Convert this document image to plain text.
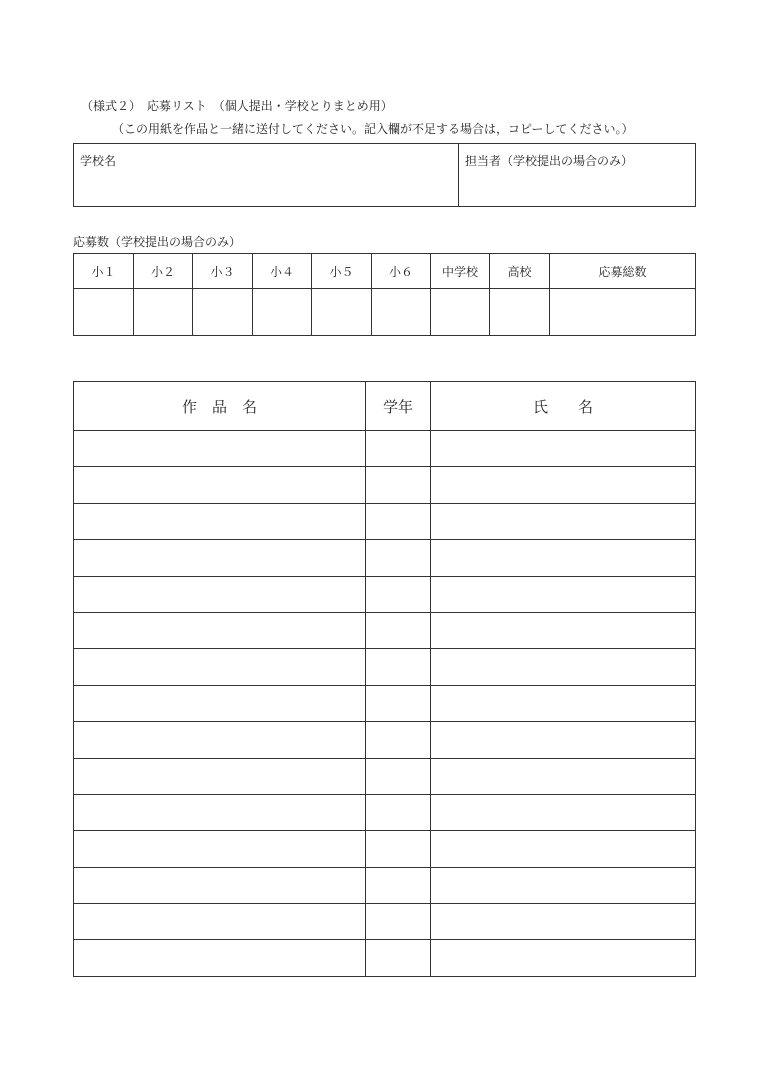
（様式２）　応募リスト　（個人提出・学校とりまとめ用）
（この用紙を作品と一緒に送付してください。記入欄が不足する場合は，コピーしてください。）
学校名	担当者（学校提出の場合のみ）
応募数（学校提出の場合のみ）
小１	小２	小３	小４	小５	小６	中学校	高校	応募総数

作　品　名	学年	氏　　名
